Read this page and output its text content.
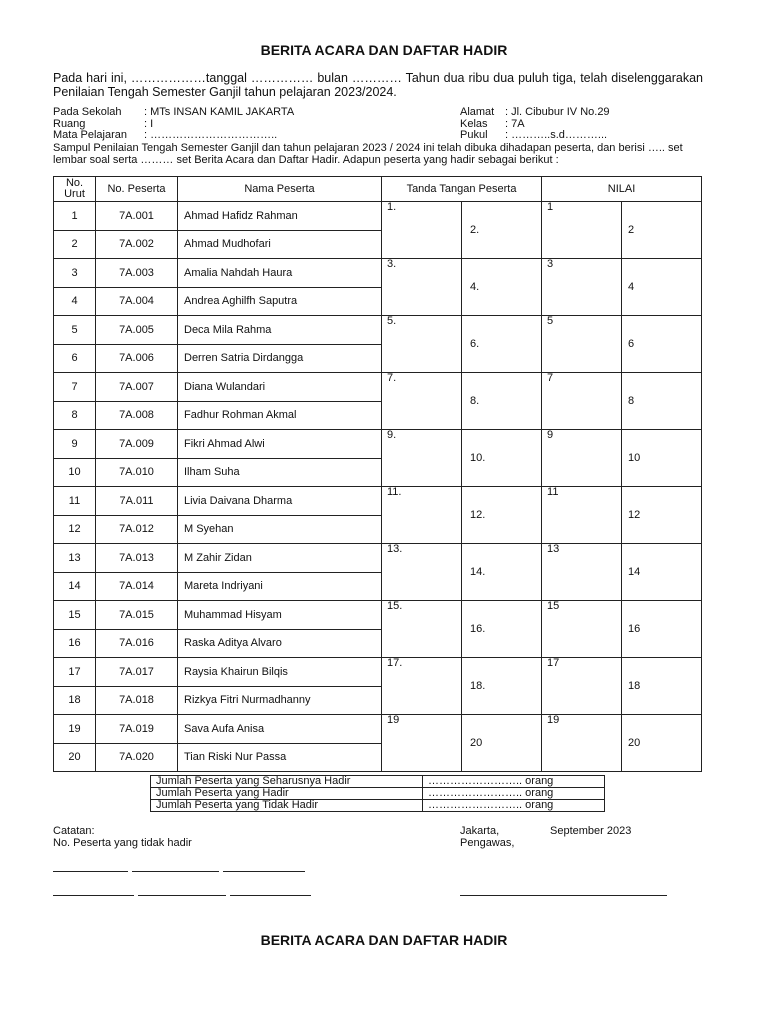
BERITA ACARA DAN DAFTAR HADIR
Pada hari ini, ………………tanggal …………… bulan ………… Tahun dua ribu dua puluh tiga, telah diselenggarakan Penilaian Tengah Semester Ganjil tahun pelajaran 2023/2024.
Pada Sekolah : MTs INSAN KAMIL JAKARTA
Ruang	: I
Mata Pelajaran : ……………………………..
Alamat : Jl. Cibubur IV No.29
Kelas : 7A
Pukul : ………..s.d………...
Sampul Penilaian Tengah Semester Ganjil dan tahun pelajaran 2023 / 2024 ini telah dibuka dihadapan peserta, dan berisi ….. set lembar soal serta ……… set Berita Acara dan Daftar Hadir. Adapun peserta yang hadir sebagai berikut :
No. Urut	No. Peserta	Nama Peserta	Tanda Tangan Peserta		NILAI	
1	7A.001	Ahmad Hafidz Rahman	1.	2.	1	2
2	7A.002	Ahmad Mudhofari				
3	7A.003	Amalia Nahdah Haura	3.	4.	3	4
4	7A.004	Andrea Aghilfh Saputra				
5	7A.005	Deca Mila Rahma	5.	6.	5	6
6	7A.006	Derren Satria Dirdangga				
7	7A.007	Diana Wulandari	7.	8.	7	8
8	7A.008	Fadhur Rohman Akmal				
9	7A.009	Fikri Ahmad Alwi	9.	10.	9	10
10	7A.010	Ilham Suha				
11	7A.011	Livia Daivana Dharma	11.	12.	11	12
12	7A.012	M Syehan				
13	7A.013	M Zahir Zidan	13.	14.	13	14
14	7A.014	Mareta Indriyani				
15	7A.015	Muhammad Hisyam	15.	16.	15	16
16	7A.016	Raska Aditya Alvaro				
17	7A.017	Raysia Khairun Bilqis	17.	18.	17	18
18	7A.018	Rizkya Fitri Nurmadhanny				
19	7A.019	Sava Aufa Anisa	19	20	19	20
20	7A.020	Tian Riski Nur Passa				
Jumlah Peserta yang Seharusnya Hadir	…………………….. orang
Jumlah Peserta yang Hadir	…………………….. orang
Jumlah Peserta yang Tidak Hadir	…………………….. orang
Catatan:
No. Peserta yang tidak hadir
Jakarta,	September 2023
Pengawas,
BERITA ACARA DAN DAFTAR HADIR
